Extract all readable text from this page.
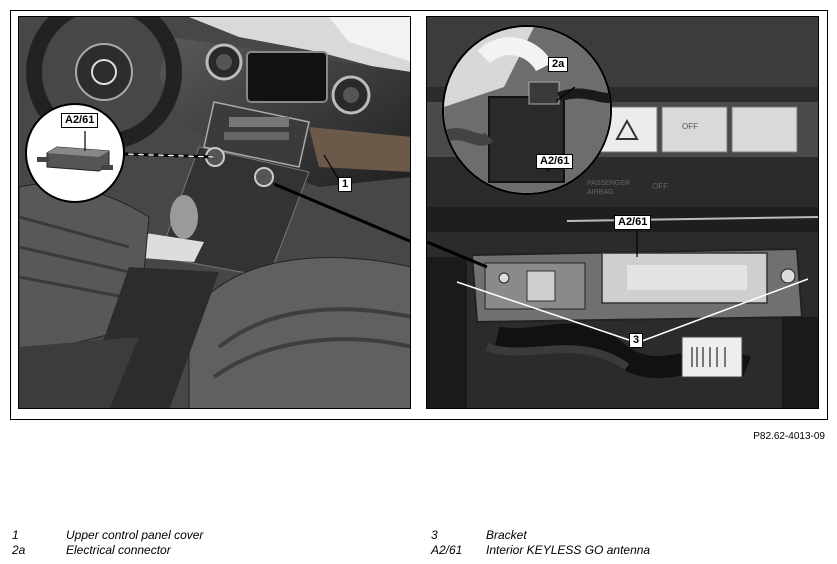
A2/61
1
OFF
PASSENGER
AIRBAG
OFF
2a
A2/61
A2/61
3
P82.62-4013-09
1	Upper control panel cover
2a	Electrical connector
3	Bracket
A2/61 Interior KEYLESS GO antenna
